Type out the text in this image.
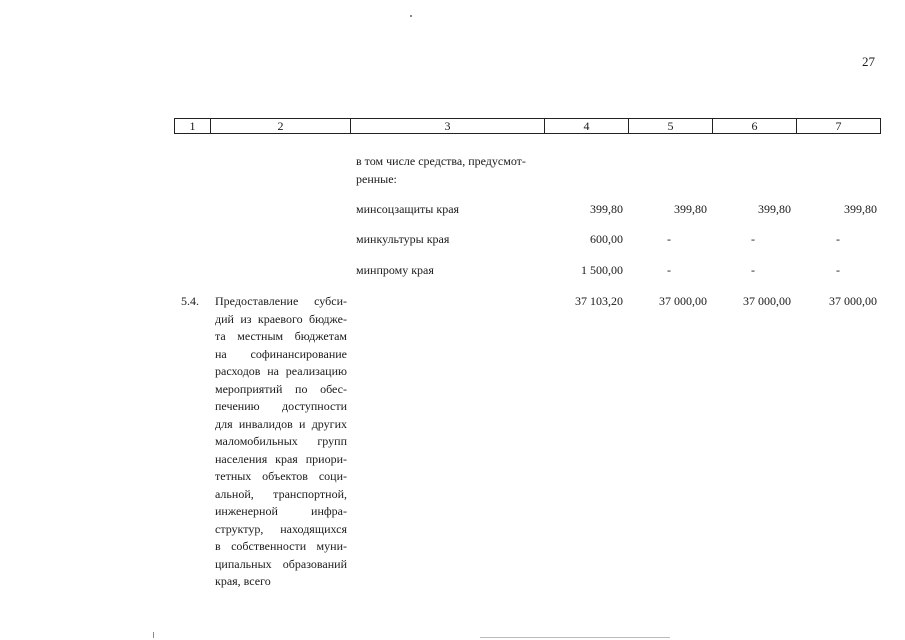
27
1	2	3	4	5	6	7
в том числе средства, предусмот-
ренные:
минсоцзащиты края	399,80	399,80	399,80	399,80
минкультуры края	600,00	-	-	-
минпрому края	1 500,00	-	-	-
5.4. Предоставление субси-
дий из краевого бюдже-
та местным бюджетам
на софинансирование
расходов на реализацию
мероприятий по обес-
печению доступности
для инвалидов и других
маломобильных групп
населения края приори-
тетных объектов соци-
альной, транспортной,
инженерной инфра-
структур, находящихся
в собственности муни-
ципальных образований
края, всего
37 103,20	37 000,00	37 000,00	37 000,00
